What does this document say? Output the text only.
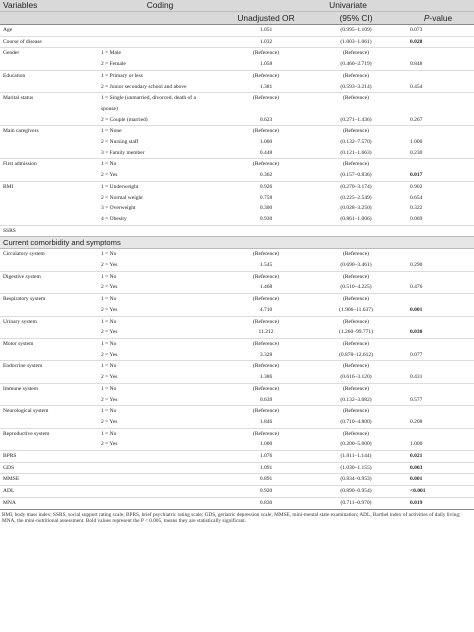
Variables	Coding	Univariate		
		Unadjusted OR	(95% CI)	P-value
Age		1.051	(0.995–1.109)	0.073
Course of disease		1.032	(1.003–1.061)	0.028
Gender	1 = Male	(Reference)	(Reference)	
	2 = Female	1.058	(0.460–2.719)	0.848
Education	1 = Primary or less	(Reference)	(Reference)	
	2 = Junior secondary school and above	1.381	(0.593–3.214)	0.454
Marital status	1 = Single (unmarried, divorced, death of a	(Reference)	(Reference)	
	spouse)			
	2 = Couple (married)	0.623	(0.271–1.436)	0.267
Main caregivers	1 = None	(Reference)	(Reference)	
	2 = Nursing staff	1.000	(0.132–7.570)	1.000
	3 = Family member	0.448	(0.121–1.663)	0.230
First admission	1 = No	(Reference)	(Reference)	
	2 = Yes	0.362	(0.157–0.836)	0.017
BMI	1 = Underweight	0.926	(0.270–3.174)	0.902
	2 = Normal weight	0.758	(0.225–2.549)	0.654
	3 = Overweight	0.300	(0.028–3.250)	0.322
	4 = Obesity	0.930	(0.861–1.006)	0.069
SSRS				
Current comorbidity and symptoms				
Circulatory system	1 = No	(Reference)	(Reference)	
	2 = Yes	1.545	(0.690–3.461)	0.290
Digestive system	1 = No	(Reference)	(Reference)	
	2 = Yes	1.468	(0.510–4.225)	0.476
Respiratory system	1 = No	(Reference)	(Reference)	
	2 = Yes	4.710	(1.906–11.637)	0.001
Urinary system	1 = No	(Reference)	(Reference)	
	2 = Yes	11.212	(1.260–99.771)	0.030
Motor system	1 = No	(Reference)	(Reference)	
	2 = Yes	3.328	(0.878–12.612)	0.077
Endocrine system	1 = No	(Reference)	(Reference)	
	2 = Yes	1.386	(0.616–3.120)	0.431
Immune system	1 = No	(Reference)	(Reference)	
	2 = Yes	0.639	(0.132–3.082)	0.577
Neurological system	1 = No	(Reference)	(Reference)	
	2 = Yes	1.846	(0.710–4.800)	0.208
Reproductive system	1 = No	(Reference)	(Reference)	
	2 = Yes	1.000	(0.200–5.000)	1.000
BPRS		1.076	(1.011–1.144)	0.021
GDS		1.091	(1.030–1.155)	0.003
MMSE		0.891	(0.834–0.953)	0.001
ADL		0.920	(0.890–0.954)	<0.001
MNA		0.830	(0.711–0.970)	0.019
BMI, body mass index; SSRS, social support rating scale; BPRS, brief psychiatric rating scale; GDS, geriatric depression scale; MMSE, mini-mental state examination; ADL, Barthel index of activities of daily living; MNA, the mini-nutritional assessment. Bold values represent the P < 0.005, means they are statistically significant.
